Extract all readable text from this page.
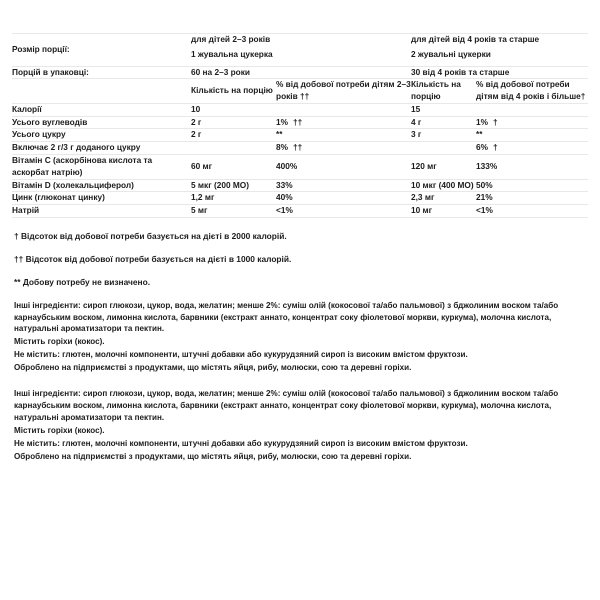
Розмір порції:	для дітей 2–3 років		для дітей від 4 років та старше	
	1 жувальна цукерка		2 жувальні цукерки	
Порцій в упаковці:	60 на 2–3 роки		30 від 4 років та старше	
	Кількість на порцію	% від добової потреби дітям 2–3 років ††	Кількість на порцію	% від добової потреби дітям від 4 років і більше†
Калорії	10		15	
Усього вуглеводів	2 г	1% ††	4 г	1% †
Усього цукру	2 г	**	3 г	**
Включає 2 г/3 г доданого цукру		8% ††		6% †
Вітамін C (аскорбінова кислота та аскорбат натрію)	60 мг	400%	120 мг	133%
Вітамін D (холекальциферол)	5 мкг (200 МО)	33%	10 мкг (400 МО)	50%
Цинк (глюконат цинку)	1,2 мг	40%	2,3 мг	21%
Натрій	5 мг	<1%	10 мг	<1%

† Відсоток від добової потреби базується на дієті в 2000 калорій.

†† Відсоток від добової потреби базується на дієті в 1000 калорій.

** Добову потребу не визначено.

Інші інгредієнти: сироп глюкози, цукор, вода, желатин; менше 2%: суміш олій (кокосової та/або пальмової) з бджолиним воском та/або карнаубським воском, лимонна кислота, барвники (екстракт аннато, концентрат соку фіолетової моркви, куркума), молочна кислота, натуральні ароматизатори та пектин.

Містить горіхи (кокос).

Не містить: глютен, молочні компоненти, штучні добавки або кукурудзяний сироп із високим вмістом фруктози.

Оброблено на підприємстві з продуктами, що містять яйця, рибу, молюски, сою та деревні горіхи.

Інші інгредієнти: сироп глюкози, цукор, вода, желатин; менше 2%: суміш олій (кокосової та/або пальмової) з бджолиним воском та/або карнаубським воском, лимонна кислота, барвники (екстракт аннато, концентрат соку фіолетової моркви, куркума), молочна кислота, натуральні ароматизатори та пектин.

Містить горіхи (кокос).

Не містить: глютен, молочні компоненти, штучні добавки або кукурудзяний сироп із високим вмістом фруктози.

Оброблено на підприємстві з продуктами, що містять яйця, рибу, молюски, сою та деревні горіхи.
